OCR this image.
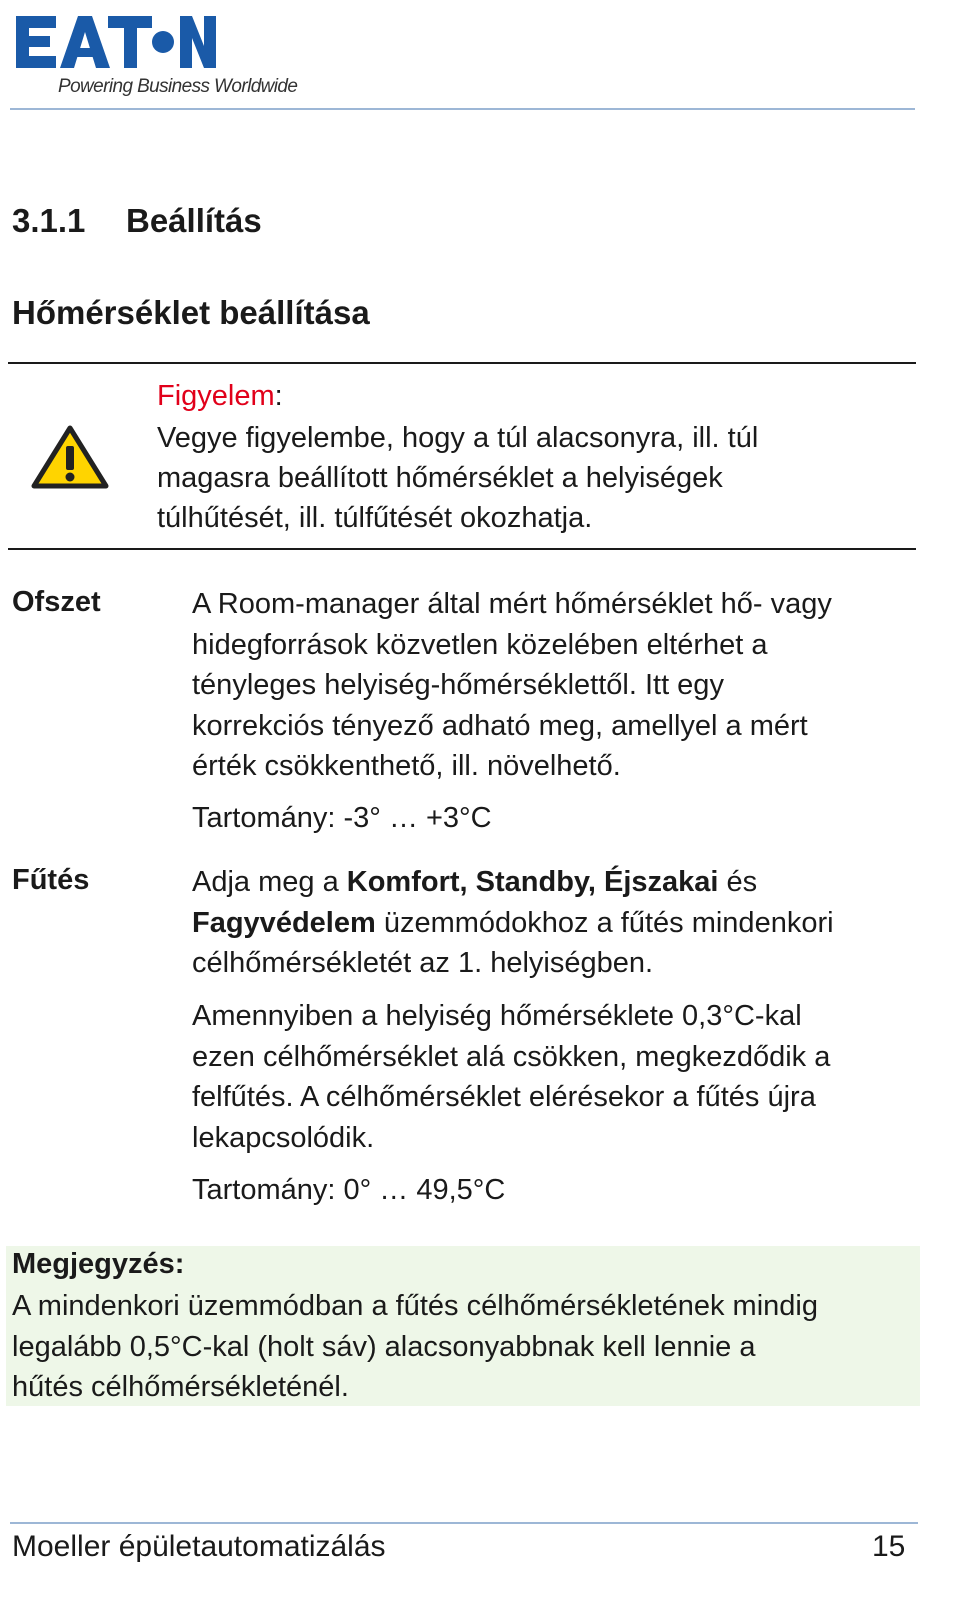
Powering Business Worldwide
3.1.1 Beállítás
Hőmérséklet beállítása
Figyelem:
Vegye figyelembe, hogy a túl alacsonyra, ill. túl
magasra beállított hőmérséklet a helyiségek
túlhűtését, ill. túlfűtését okozhatja.
Ofszet	A Room-manager által mért hőmérséklet hő- vagy
hidegforrások közvetlen közelében eltérhet a
tényleges helyiség-hőmérséklettől. Itt egy
korrekciós tényező adható meg, amellyel a mért
érték csökkenthető, ill. növelhető.
Tartomány: -3° … +3°C
Fűtés	Adja meg a Komfort, Standby, Éjszakai és
Fagyvédelem üzemmódokhoz a fűtés mindenkori
célhőmérsékletét az 1. helyiségben.
Amennyiben a helyiség hőmérséklete 0,3°C-kal
ezen célhőmérséklet alá csökken, megkezdődik a
felfűtés. A célhőmérséklet elérésekor a fűtés újra
lekapcsolódik.
Tartomány: 0° … 49,5°C
Megjegyzés:
A mindenkori üzemmódban a fűtés célhőmérsékletének mindig
legalább 0,5°C-kal (holt sáv) alacsonyabbnak kell lennie a
hűtés célhőmérsékleténél.
Moeller épületautomatizálás	15
